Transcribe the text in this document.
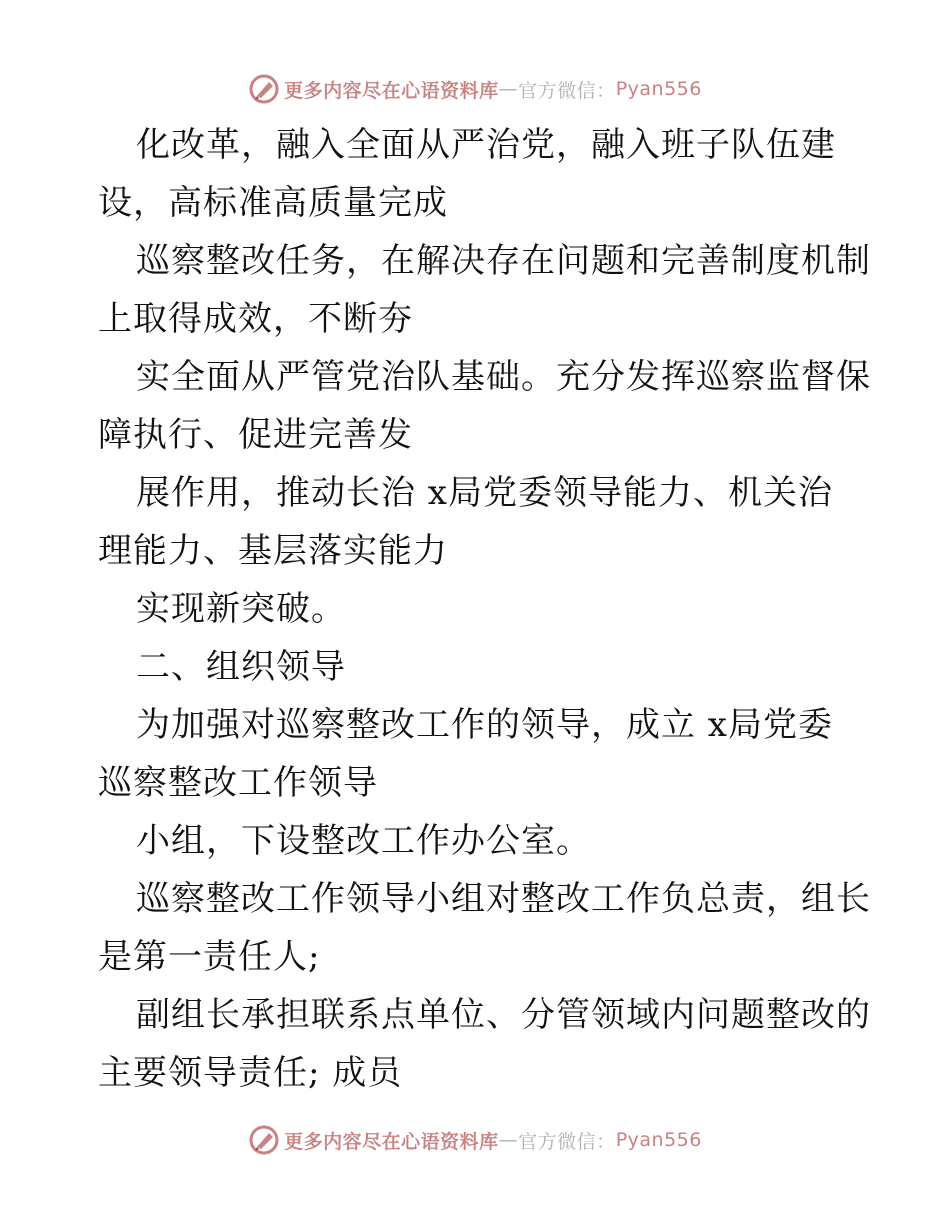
更多内容尽在心语资料库 — 官方微信： Pyan556
化改革，融入全面从严治党，融入班子队伍建
设，高标准高质量完成
巡察整改任务，在解决存在问题和完善制度机制
上取得成效，不断夯
实全面从严管党治队基础。充分发挥巡察监督保
障执行、促进完善发
展作用，推动长治 x局党委领导能力、机关治
理能力、基层落实能力
实现新突破。
二、组织领导
为加强对巡察整改工作的领导，成立 x局党委
巡察整改工作领导
小组，下设整改工作办公室。
巡察整改工作领导小组对整改工作负总责，组长
是第一责任人;
副组长承担联系点单位、分管领域内问题整改的
主要领导责任; 成员
更多内容尽在心语资料库 — 官方微信： Pyan556
